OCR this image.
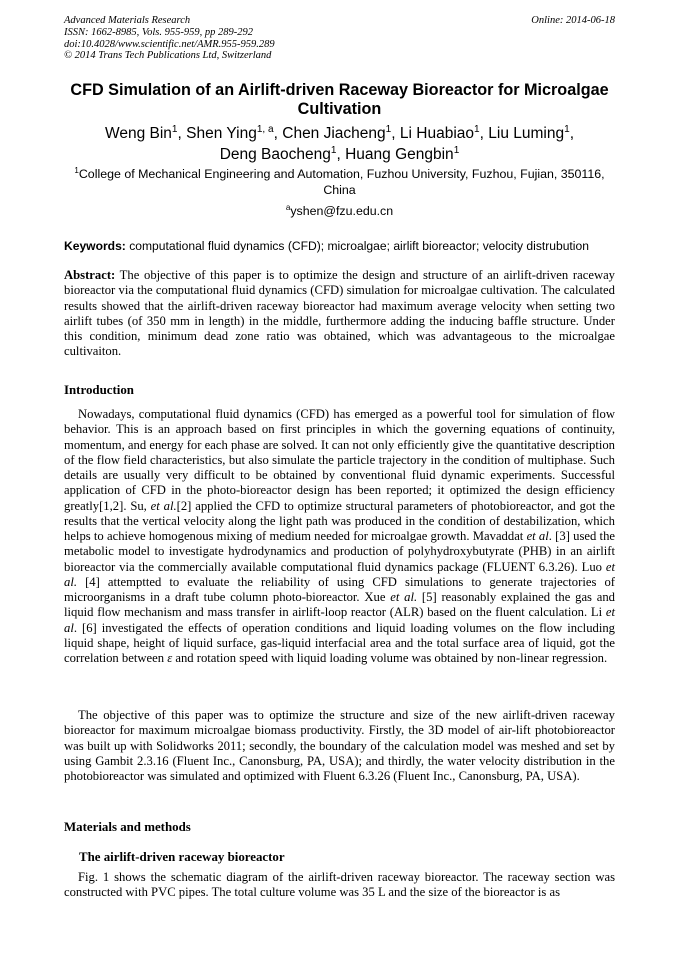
Advanced Materials Research
ISSN: 1662-8985, Vols. 955-959, pp 289-292
doi:10.4028/www.scientific.net/AMR.955-959.289
© 2014 Trans Tech Publications Ltd, Switzerland
Online: 2014-06-18
CFD Simulation of an Airlift-driven Raceway Bioreactor for Microalgae Cultivation
Weng Bin$^1$, Shen Ying$^{1, a}$, Chen Jiacheng$^1$, Li Huabiao$^1$, Liu Luming$^1$,
Deng Baocheng$^1$, Huang Gengbin$^1$
$^1$College of Mechanical Engineering and Automation, Fuzhou University, Fuzhou, Fujian, 350116, China
$^a$yshen@fzu.edu.cn
Keywords: computational fluid dynamics (CFD); microalgae; airlift bioreactor; velocity distrubution
Abstract: The objective of this paper is to optimize the design and structure of an airlift-driven raceway bioreactor via the computational fluid dynamics (CFD) simulation for microalgae cultivation. The calculated results showed that the airlift-driven raceway bioreactor had maximum average velocity when setting two airlift tubes (of 350 mm in length) in the middle, furthermore adding the inducing baffle structure. Under this condition, minimum dead zone ratio was obtained, which was advantageous to the microalgae cultivaiton.
Introduction
Nowadays, computational fluid dynamics (CFD) has emerged as a powerful tool for simulation of flow behavior. This is an approach based on first principles in which the governing equations of continuity, momentum, and energy for each phase are solved. It can not only efficiently give the quantitative description of the flow field characteristics, but also simulate the particle trajectory in the condition of multiphase. Such details are usually very difficult to be obtained by conventional fluid dynamic experiments. Successful application of CFD in the photo-bioreactor design has been reported; it optimized the design efficiency greatly[1,2]. Su, et al.[2] applied the CFD to optimize structural parameters of photobioreactor, and got the results that the vertical velocity along the light path was produced in the condition of destabilization, which helps to achieve homogenous mixing of medium needed for microalgae growth. Mavaddat et al. [3] used the metabolic model to investigate hydrodynamics and production of polyhydroxybutyrate (PHB) in an airlift bioreactor via the commercially available computational fluid dynamics package (FLUENT 6.3.26). Luo et al. [4] attemptted to evaluate the reliability of using CFD simulations to generate trajectories of microorganisms in a draft tube column photo-bioreactor. Xue et al. [5] reasonably explained the gas and liquid flow mechanism and mass transfer in airlift-loop reactor (ALR) based on the fluent calculation. Li et al. [6] investigated the effects of operation conditions and liquid loading volumes on the flow including liquid shape, height of liquid surface, gas-liquid interfacial area and the total surface area of liquid, got the correlation between ε and rotation speed with liquid loading volume was obtained by non-linear regression.
The objective of this paper was to optimize the structure and size of the new airlift-driven raceway bioreactor for maximum microalgae biomass productivity. Firstly, the 3D model of air-lift photobioreactor was built up with Solidworks 2011; secondly, the boundary of the calculation model was meshed and set by using Gambit 2.3.16 (Fluent Inc., Canonsburg, PA, USA); and thirdly, the water velocity distribution in the photobioreactor was simulated and optimized with Fluent 6.3.26 (Fluent Inc., Canonsburg, PA, USA).
Materials and methods
The airlift-driven raceway bioreactor
Fig. 1 shows the schematic diagram of the airlift-driven raceway bioreactor. The raceway section was constructed with PVC pipes. The total culture volume was 35 L and the size of the bioreactor is as
